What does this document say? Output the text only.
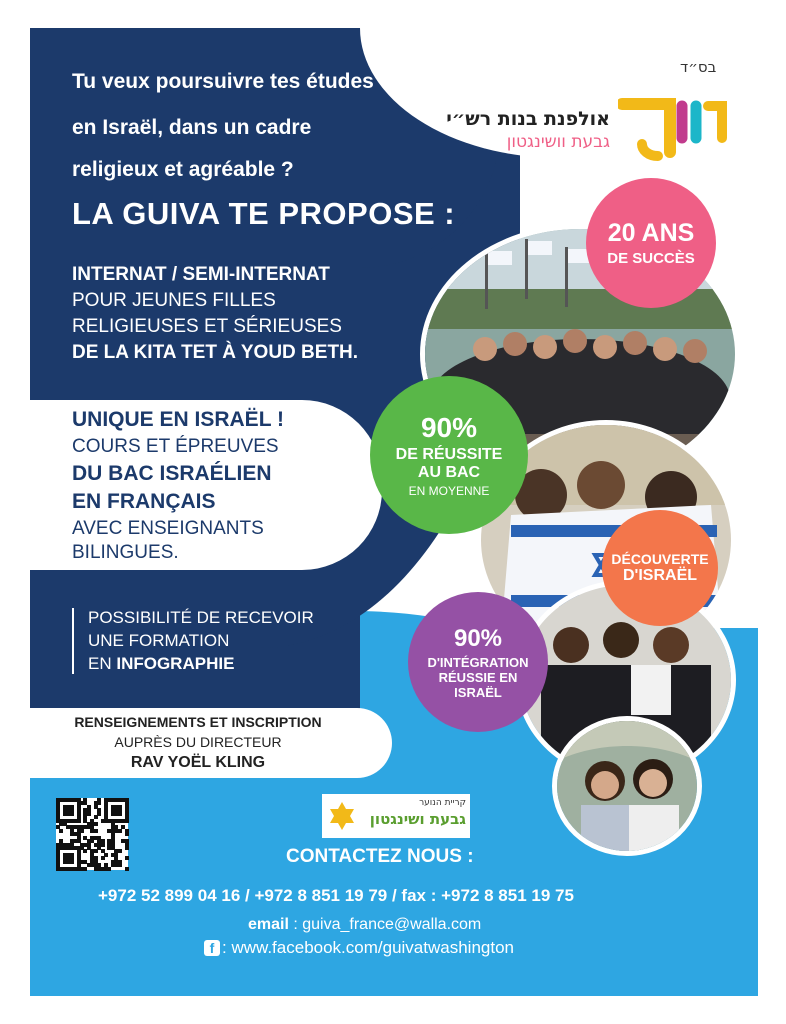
בס״ד
אולפנת בנות רש״י
גבעת וושינגטון
Tu veux poursuivre tes études
en Israël, dans un cadre
religieux et agréable ?
LA GUIVA TE PROPOSE :
INTERNAT / SEMI-INTERNAT
POUR JEUNES FILLES
RELIGIEUSES ET SÉRIEUSES
DE LA KITA TET À YOUD BETH.
UNIQUE EN ISRAËL !
COURS ET ÉPREUVES
DU BAC ISRAÉLIEN
EN FRANÇAIS
AVEC ENSEIGNANTS
BILINGUES.
POSSIBILITÉ DE RECEVOIR
UNE FORMATION
EN INFOGRAPHIE
RENSEIGNEMENTS ET INSCRIPTION
AUPRÈS DU DIRECTEUR
RAV YOËL KLING
20 ANS
DE SUCCÈS
90%
DE RÉUSSITE
AU BAC
EN MOYENNE
DÉCOUVERTE
D'ISRAËL
90%
D'INTÉGRATION
RÉUSSIE EN
ISRAËL
קריית הנוער
גבעת ושינגטון
CONTACTEZ NOUS :
+972 52 899 04 16 / +972 8 851 19 79 / fax : +972 8 851 19 75
email : guiva_france@walla.com
f : www.facebook.com/guivatwashington
